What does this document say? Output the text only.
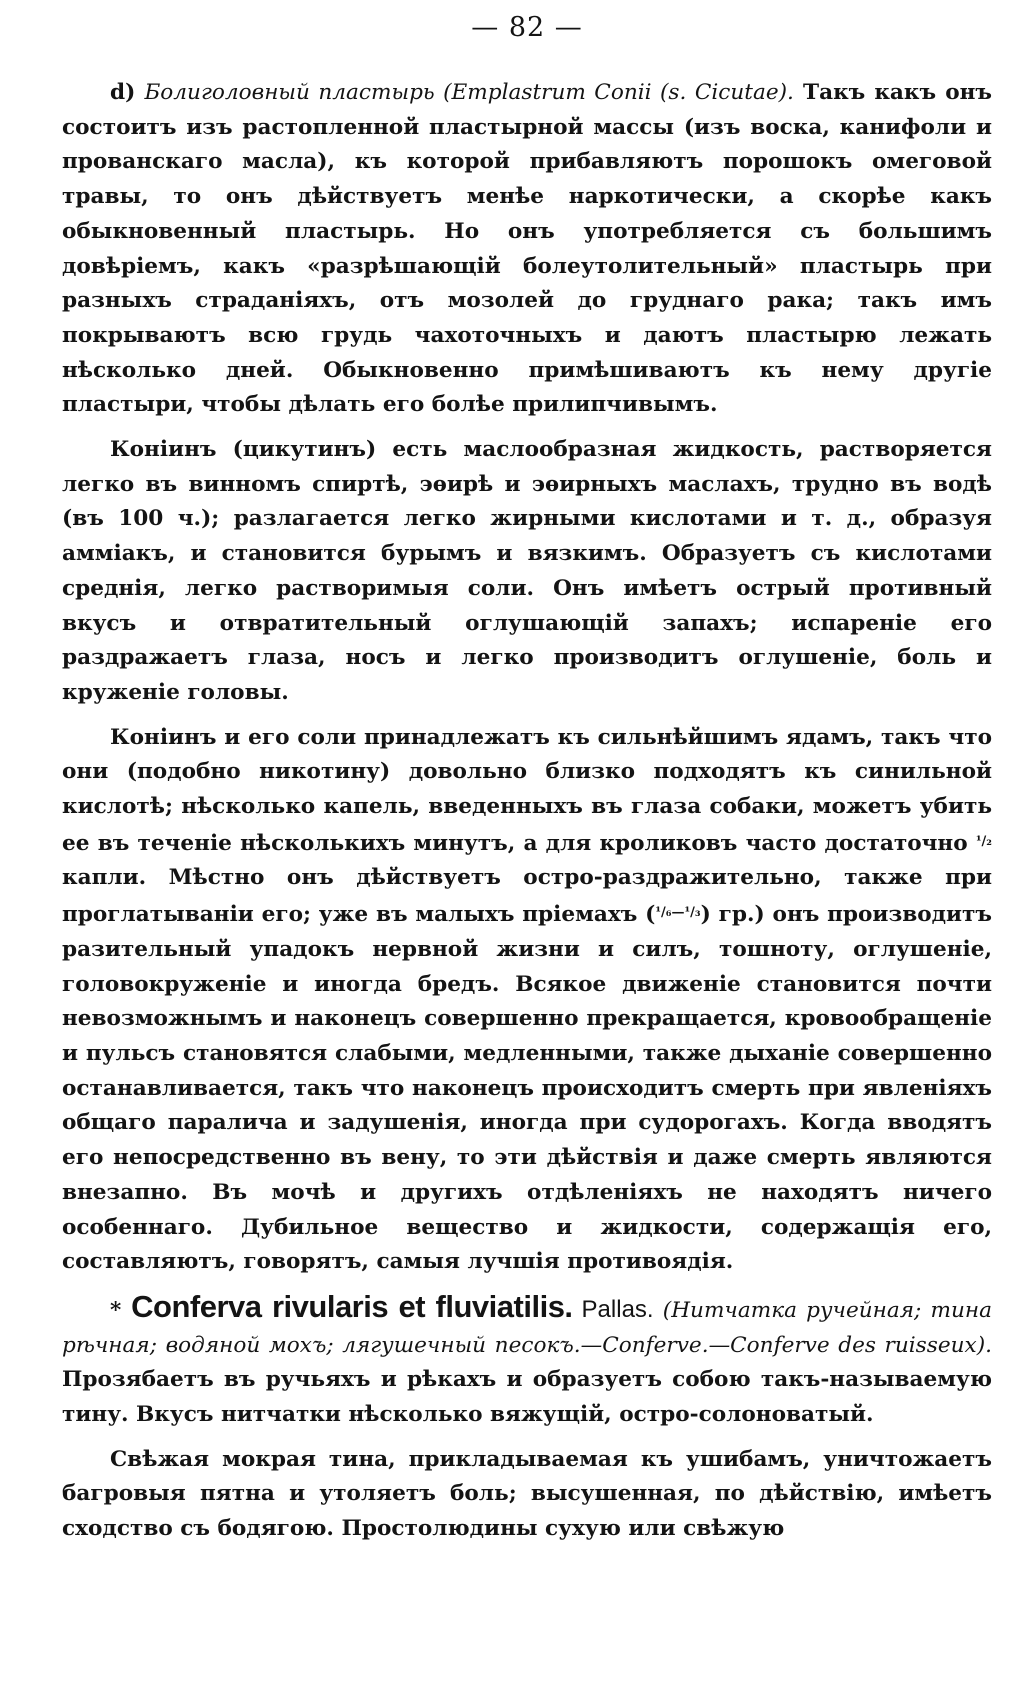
— 82 —

d) Болиголовный пластырь (Emplastrum Conii (s. Cicutae). Такъ какъ онъ состоитъ изъ растопленной пластырной массы (изъ воска, канифоли и прованскаго масла), къ которой прибавляютъ порошокъ омеговой травы, то онъ дѣйствуетъ менѣе наркотически, а скорѣе какъ обыкновенный пластырь. Но онъ употребляется съ большимъ довѣріемъ, какъ «разрѣшающій болеутолительный» пластырь при разныхъ страданіяхъ, отъ мозолей до груднаго рака; такъ имъ покрываютъ всю грудь чахоточныхъ и даютъ пластырю лежать нѣсколько дней. Обыкновенно примѣшиваютъ къ нему другіе пластыри, чтобы дѣлать его болѣе прилипчивымъ.

Коніинъ (цикутинъ) есть маслообразная жидкость, растворяется легко въ винномъ спиртѣ, эѳирѣ и эѳирныхъ маслахъ, трудно въ водѣ (въ 100 ч.); разлагается легко жирными кислотами и т. д., образуя амміакъ, и становится бурымъ и вязкимъ. Образуетъ съ кислотами среднія, легко растворимыя соли. Онъ имѣетъ острый противный вкусъ и отвратительный оглушающій запахъ; испареніе его раздражаетъ глаза, носъ и легко производитъ оглушеніе, боль и круженіе головы.

Коніинъ и его соли принадлежатъ къ сильнѣйшимъ ядамъ, такъ что они (подобно никотину) довольно близко подходятъ къ синильной кислотѣ; нѣсколько капель, введенныхъ въ глаза собаки, можетъ убить ее въ теченіе нѣсколькихъ минутъ, а для кроликовъ часто достаточно $^{^1/_2}$ капли. Мѣстно онъ дѣйствуетъ остро-раздражительно, также при проглатываніи его; уже въ малыхъ пріемахъ ($^{^1/_6—^1/_3}$) гр.) онъ производитъ разительный упадокъ нервной жизни и силъ, тошноту, оглушеніе, головокруженіе и иногда бредъ. Всякое движеніе становится почти невозможнымъ и наконецъ совершенно прекращается, кровообращеніе и пульсъ становятся слабыми, медленными, также дыханіе совершенно останавливается, такъ что наконецъ происходитъ смерть при явленіяхъ общаго паралича и задушенія, иногда при судорогахъ. Когда вводятъ его непосредственно въ вену, то эти дѣйствія и даже смерть являются внезапно. Въ мочѣ и другихъ отдѣленіяхъ не находятъ ничего особеннаго. Дубильное вещество и жидкости, содержащія его, составляютъ, говорятъ, самыя лучшія противоядія.

* Conferva rivularis et fluviatilis. Pallas. (Нитчатка ручейная; тина рѣчная; водяной мохъ; лягушечный песокъ.—Conferve.—Conferve des ruisseux). Прозябаетъ въ ручьяхъ и рѣкахъ и образуетъ собою такъ-называемую тину. Вкусъ нитчатки нѣсколько вяжущій, остро-солоноватый.

Свѣжая мокрая тина, прикладываемая къ ушибамъ, уничтожаетъ багровыя пятна и утоляетъ боль; высушенная, по дѣйствію, имѣетъ сходство съ бодягою. Простолюдины сухую или свѣжую
